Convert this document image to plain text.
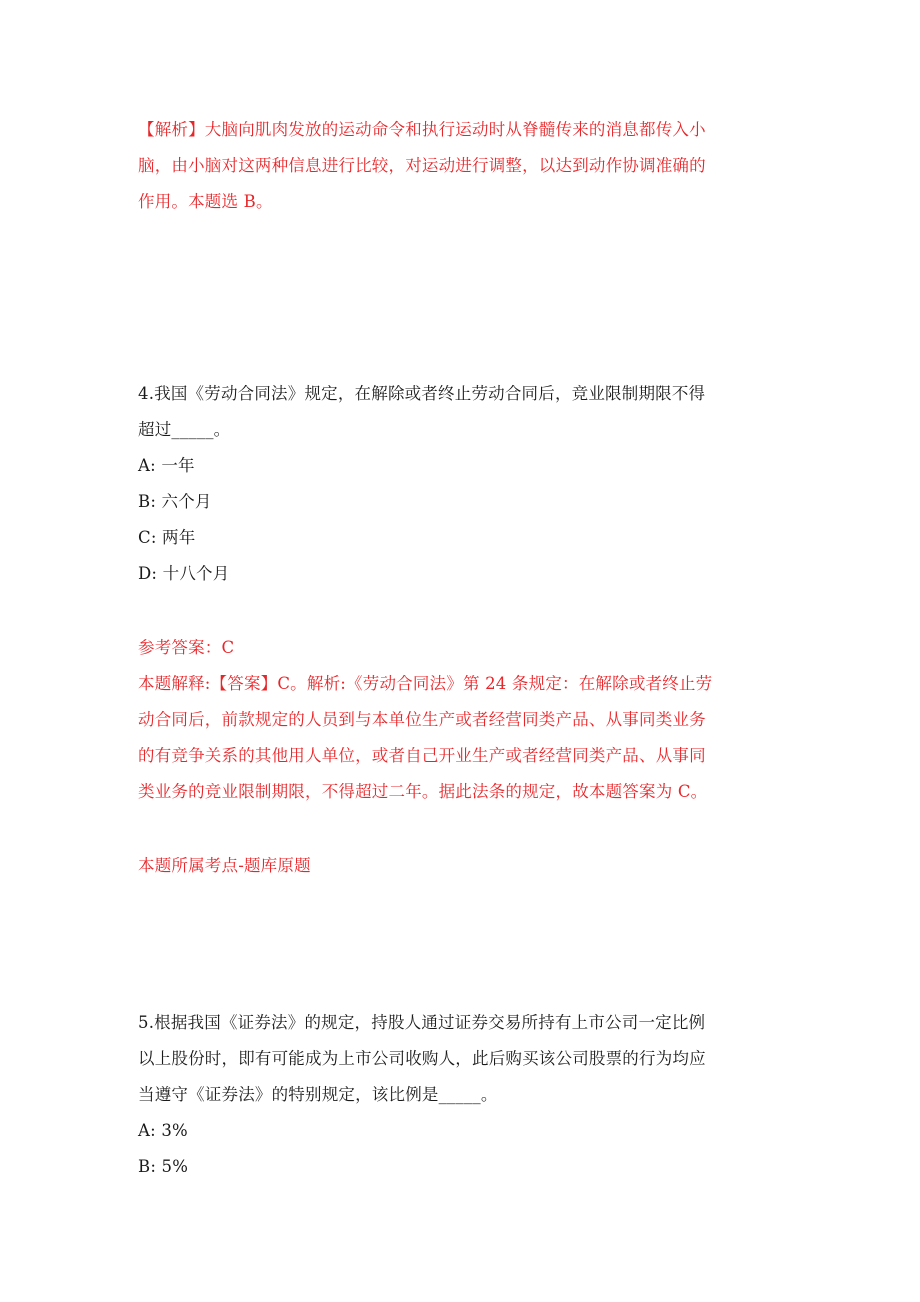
【解析】大脑向肌肉发放的运动命令和执行运动时从脊髓传来的消息都传入小
脑，由小脑对这两种信息进行比较，对运动进行调整，以达到动作协调准确的
作用。本题选 B。
4.我国《劳动合同法》规定，在解除或者终止劳动合同后，竞业限制期限不得
超过_____。
A: 一年
B: 六个月
C: 两年
D: 十八个月
参考答案：C
本题解释:【答案】C。解析:《劳动合同法》第 24 条规定：在解除或者终止劳
动合同后，前款规定的人员到与本单位生产或者经营同类产品、从事同类业务
的有竞争关系的其他用人单位，或者自己开业生产或者经营同类产品、从事同
类业务的竞业限制期限，不得超过二年。据此法条的规定，故本题答案为 C。
本题所属考点-题库原题
5.根据我国《证券法》的规定，持股人通过证券交易所持有上市公司一定比例
以上股份时，即有可能成为上市公司收购人，此后购买该公司股票的行为均应
当遵守《证券法》的特别规定，该比例是_____。
A: 3%
B: 5%
